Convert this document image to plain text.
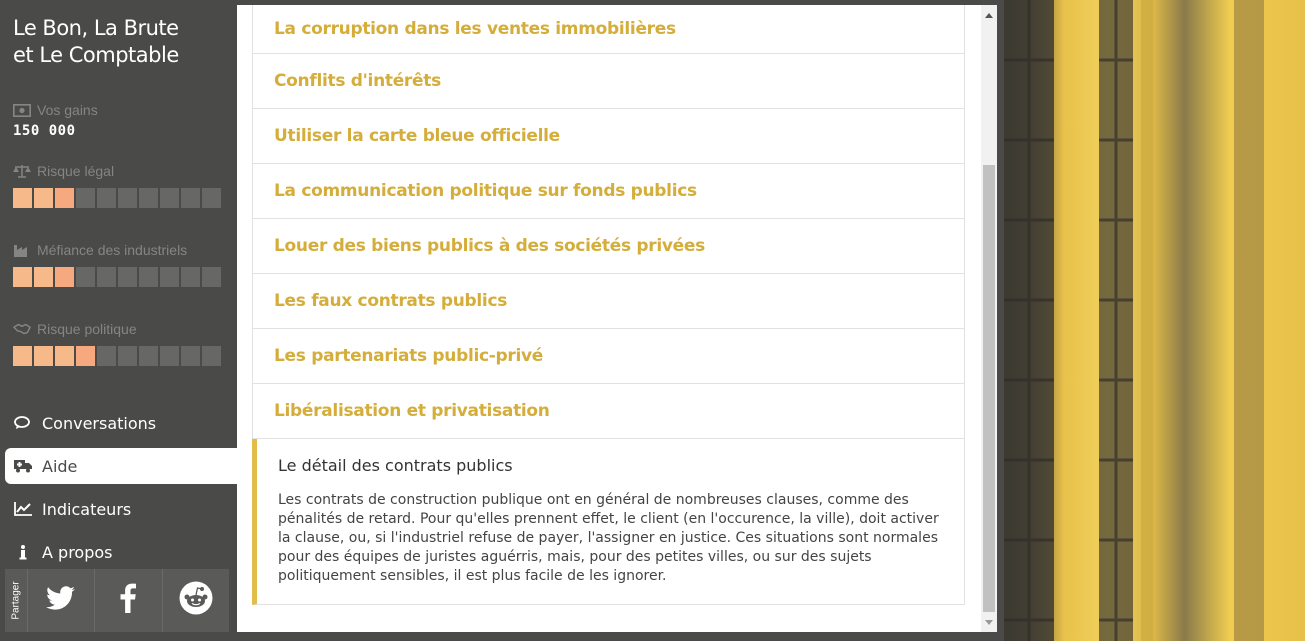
Le Bon, La Brute
et Le Comptable
Vos gains
150 000
Risque légal
Méfiance des industriels
Risque politique
Conversations
Aide
Indicateurs
A propos
Partager
La corruption dans les ventes immobilières
Conflits d'intérêts
Utiliser la carte bleue officielle
La communication politique sur fonds publics
Louer des biens publics à des sociétés privées
Les faux contrats publics
Les partenariats public-privé
Libéralisation et privatisation
Le détail des contrats publics
Les contrats de construction publique ont en général de nombreuses clauses, comme des pénalités de retard. Pour qu'elles prennent effet, le client (en l'occurence, la ville), doit activer la clause, ou, si l'industriel refuse de payer, l'assigner en justice. Ces situations sont normales pour des équipes de juristes aguérris, mais, pour des petites villes, ou sur des sujets politiquement sensibles, il est plus facile de les ignorer.
